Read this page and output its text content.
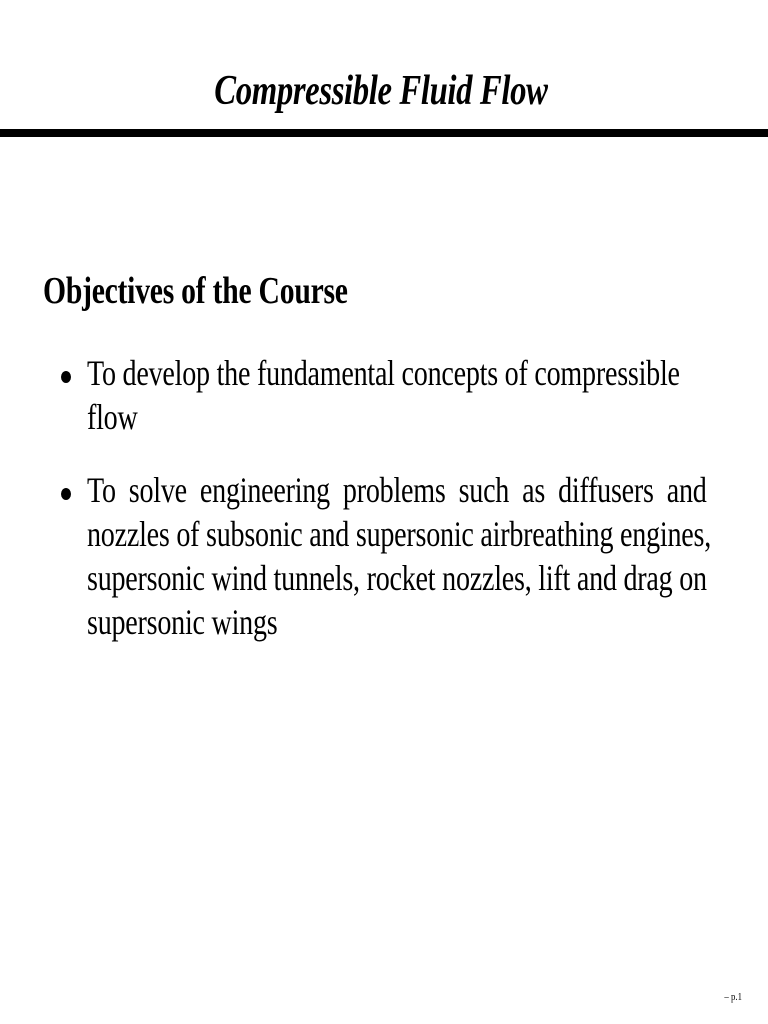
Compressible Fluid Flow
Objectives of the Course
To develop the fundamental concepts of compressible
flow
To solve engineering problems such as diffusers and
nozzles of subsonic and supersonic airbreathing engines,
supersonic wind tunnels, rocket nozzles, lift and drag on
supersonic wings
– p.1
